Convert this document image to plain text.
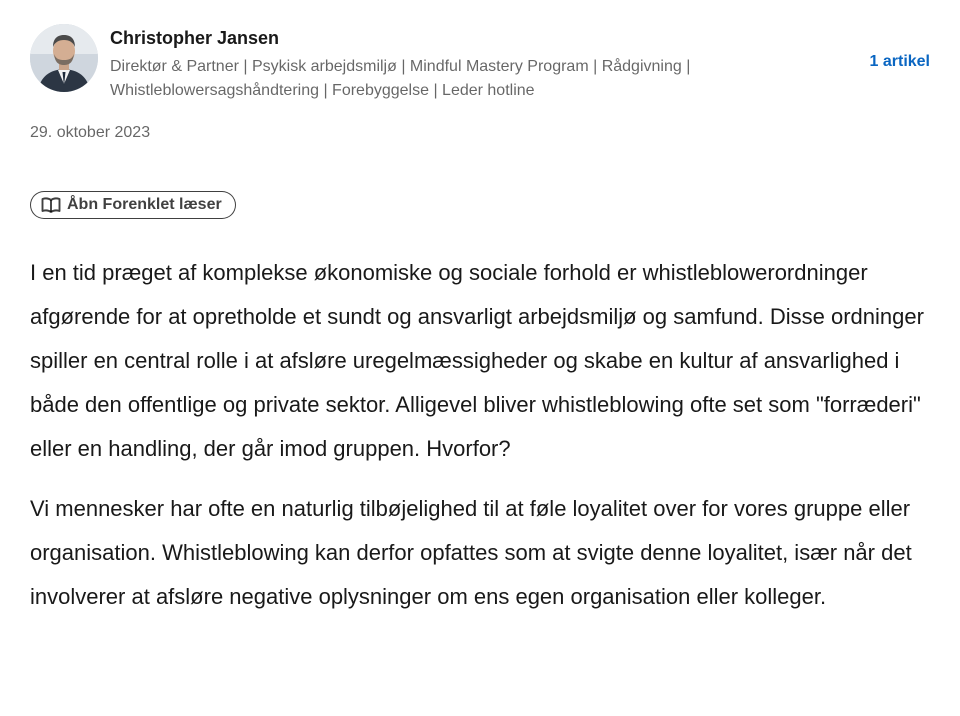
Christopher Jansen
Direktør & Partner | Psykisk arbejdsmiljø | Mindful Mastery Program | Rådgivning | Whistleblowersagshåndtering | Forebyggelse | Leder hotline
1 artikel
29. oktober 2023
Åbn Forenklet læser

I en tid præget af komplekse økonomiske og sociale forhold er whistleblowerordninger afgørende for at opretholde et sundt og ansvarligt arbejdsmiljø og samfund. Disse ordninger spiller en central rolle i at afsløre uregelmæssigheder og skabe en kultur af ansvarlighed i både den offentlige og private sektor. Alligevel bliver whistleblowing ofte set som "forræderi" eller en handling, der går imod gruppen. Hvorfor?

Vi mennesker har ofte en naturlig tilbøjelighed til at føle loyalitet over for vores gruppe eller organisation. Whistleblowing kan derfor opfattes som at svigte denne loyalitet, især når det involverer at afsløre negative oplysninger om ens egen organisation eller kolleger.
